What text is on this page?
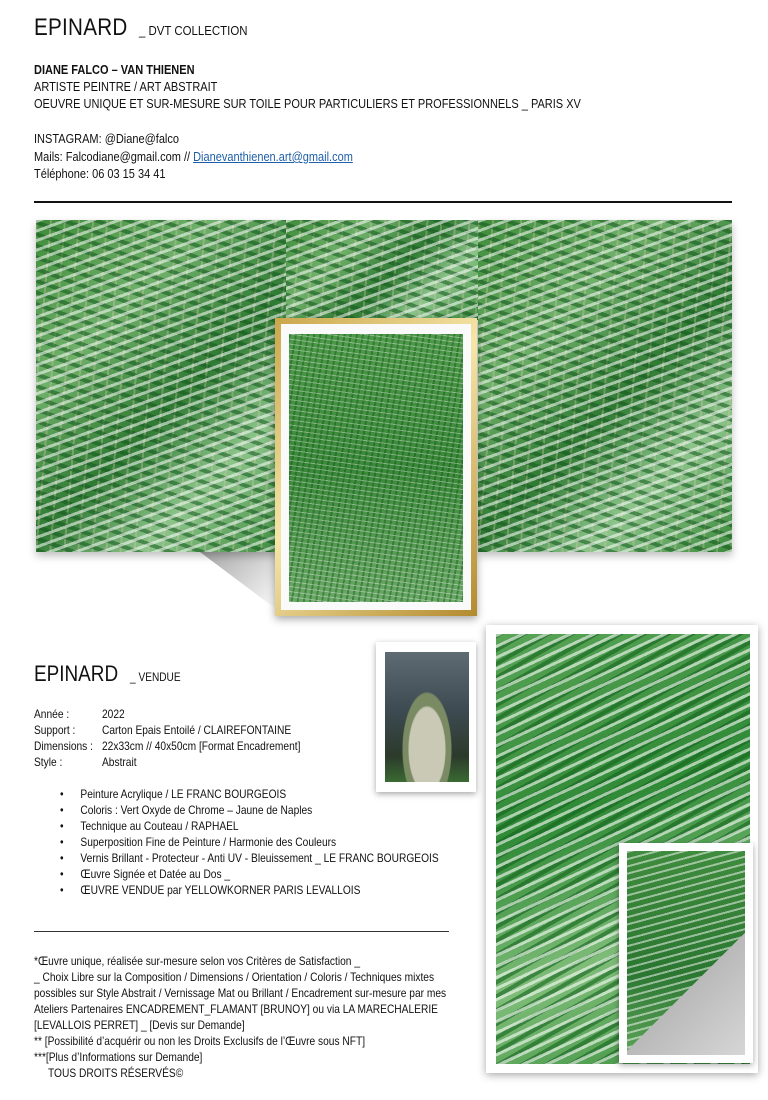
EPINARD _ DVT COLLECTION
DIANE FALCO – VAN THIENEN
ARTISTE PEINTRE / ART ABSTRAIT
OEUVRE UNIQUE ET SUR-MESURE SUR TOILE POUR PARTICULIERS ET PROFESSIONNELS _ PARIS XV
INSTAGRAM: @Diane@falco
Mails: Falcodiane@gmail.com // Dianevanthienen.art@gmail.com
Téléphone: 06 03 15 34 41
EPINARD _ VENDUE
Année :	2022
Support : Carton Epais Entoilé / CLAIREFONTAINE
Dimensions : 22x33cm // 40x50cm [Format Encadrement]
Style :	Abstrait
• Peinture Acrylique / LE FRANC BOURGEOIS
• Coloris : Vert Oxyde de Chrome – Jaune de Naples
• Technique au Couteau / RAPHAEL
• Superposition Fine de Peinture / Harmonie des Couleurs
• Vernis Brillant - Protecteur - Anti UV - Bleuissement _ LE FRANC BOURGEOIS
• Œuvre Signée et Datée au Dos _
• ŒUVRE VENDUE par YELLOWKORNER PARIS LEVALLOIS
*Œuvre unique, réalisée sur-mesure selon vos Critères de Satisfaction _
_ Choix Libre sur la Composition / Dimensions / Orientation / Coloris / Techniques mixtes
possibles sur Style Abstrait / Vernissage Mat ou Brillant / Encadrement sur-mesure par mes
Ateliers Partenaires ENCADREMENT_FLAMANT [BRUNOY] ou via LA MARECHALERIE
[LEVALLOIS PERRET] _ [Devis sur Demande]
** [Possibilité d’acquérir ou non les Droits Exclusifs de l’Œuvre sous NFT]
***[Plus d’Informations sur Demande]
TOUS DROITS RÉSERVÉS©
